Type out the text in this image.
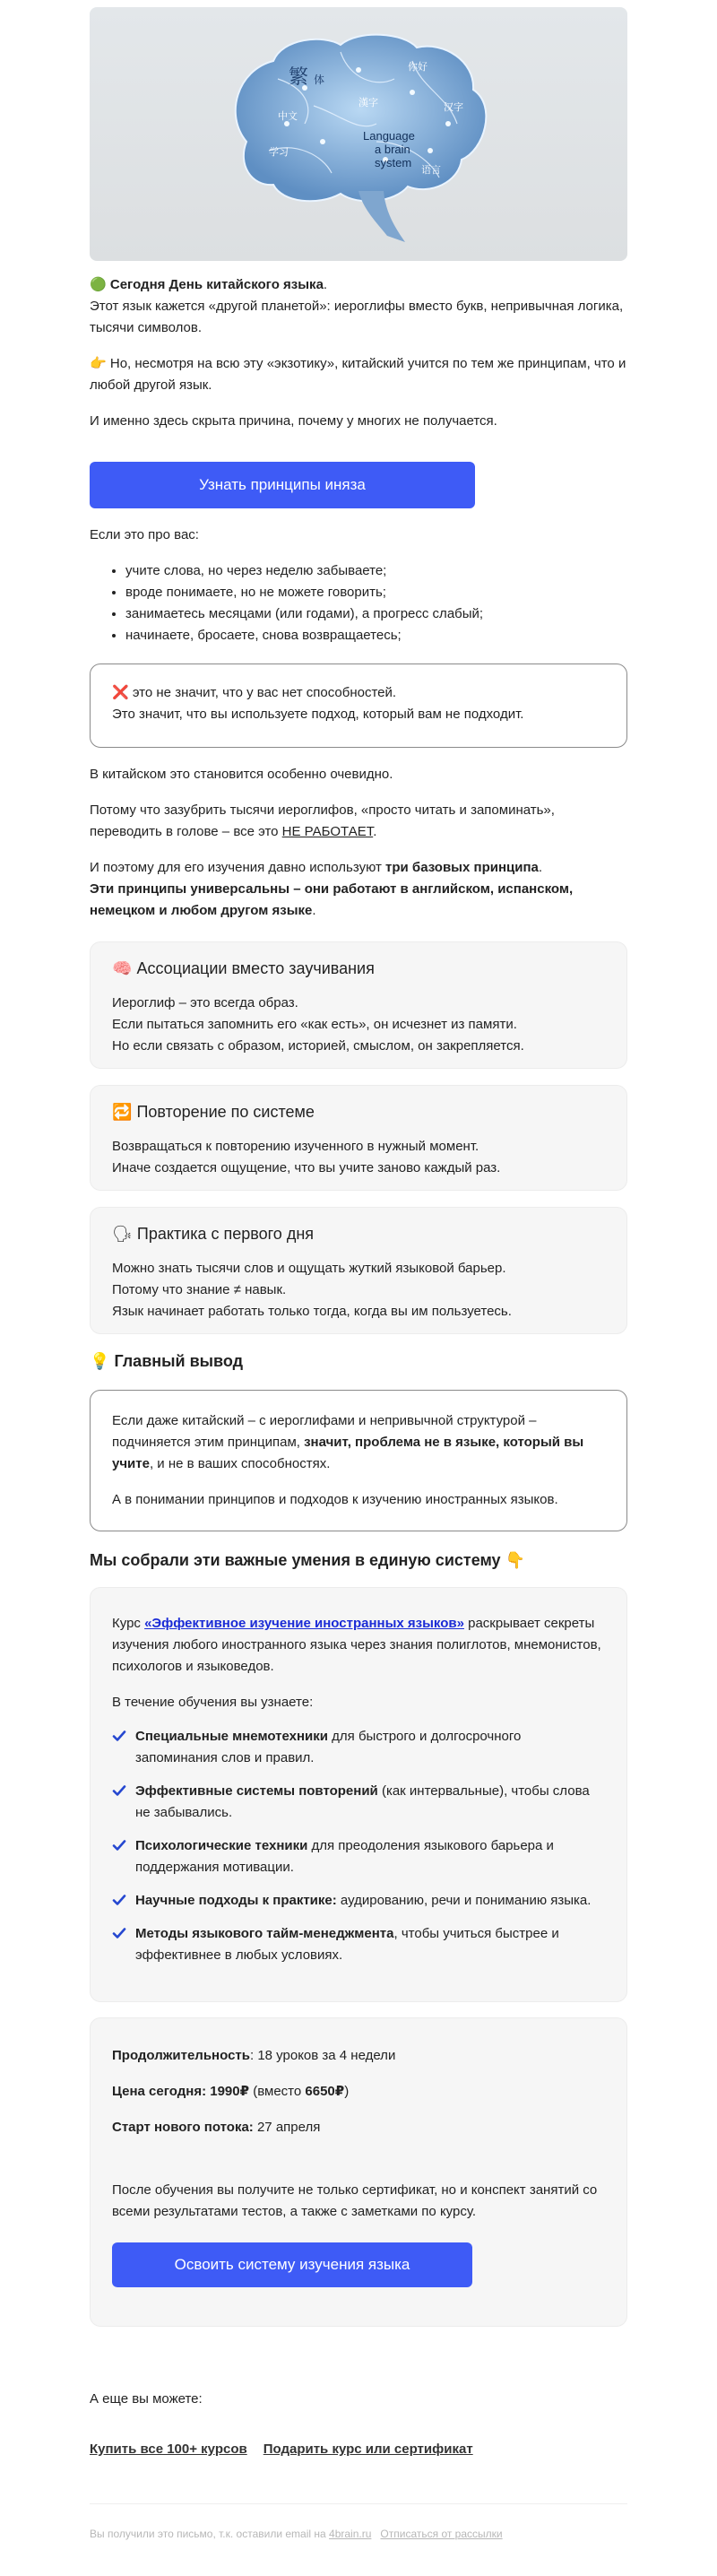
繁 体
你好
中文
汉字
学习
语言
漢字
Language a brain system

🟢 Сегодня День китайского языка.
Этот язык кажется «другой планетой»: иероглифы вместо букв, непривычная логика, тысячи символов.

👉 Но, несмотря на всю эту «экзотику», китайский учится по тем же принципам, что и любой другой язык.

И именно здесь скрыта причина, почему у многих не получается.

Узнать принципы иняза

Если это про вас:

• учите слова, но через неделю забываете;
• вроде понимаете, но не можете говорить;
• занимаетесь месяцами (или годами), а прогресс слабый;
• начинаете, бросаете, снова возвращаетесь;

❌ это не значит, что у вас нет способностей.

Это значит, что вы используете подход, который вам не подходит.

В китайском это становится особенно очевидно.

Потому что зазубрить тысячи иероглифов, «просто читать и запоминать», переводить в голове – все это НЕ РАБОТАЕТ.

И поэтому для его изучения давно используют три базовых принципа.
Эти принципы универсальны – они работают в английском, испанском, немецком и любом другом языке.

🧠 Ассоциации вместо заучивания

Иероглиф – это всегда образ.
Если пытаться запомнить его «как есть», он исчезнет из памяти.
Но если связать с образом, историей, смыслом, он закрепляется.

🔁 Повторение по системе

Возвращаться к повторению изученного в нужный момент.
Иначе создается ощущение, что вы учите заново каждый раз.

🗣 Практика с первого дня

Можно знать тысячи слов и ощущать жуткий языковой барьер.
Потому что знание ≠ навык.
Язык начинает работать только тогда, когда вы им пользуетесь.

💡 Главный вывод

Если даже китайский – с иероглифами и непривычной структурой – подчиняется этим принципам, значит, проблема не в языке, который вы учите, и не в ваших способностях.

А в понимании принципов и подходов к изучению иностранных языков.

Мы собрали эти важные умения в единую систему 👇

Курс «Эффективное изучение иностранных языков» раскрывает секреты изучения любого иностранного языка через знания полиглотов, мнемонистов, психологов и языковедов.

В течение обучения вы узнаете:

Специальные мнемотехники для быстрого и долгосрочного запоминания слов и правил.
Эффективные системы повторений (как интервальные), чтобы слова не забывались.
Психологические техники для преодоления языкового барьера и поддержания мотивации.
Научные подходы к практике: аудированию, речи и пониманию языка.
Методы языкового тайм-менеджмента, чтобы учиться быстрее и эффективнее в любых условиях.

Продолжительность: 18 уроков за 4 недели

Цена сегодня: 1990₽ (вместо 6650₽)

Старт нового потока: 27 апреля

После обучения вы получите не только сертификат, но и конспект занятий со всеми результатами тестов, а также с заметками по курсу.

Освоить систему изучения языка
А еще вы можете:
Купить все 100+ курсов Подарить курс или сертификат
Вы получили это письмо, т.к. оставили email на 4brain.ru Отписаться от рассылки
